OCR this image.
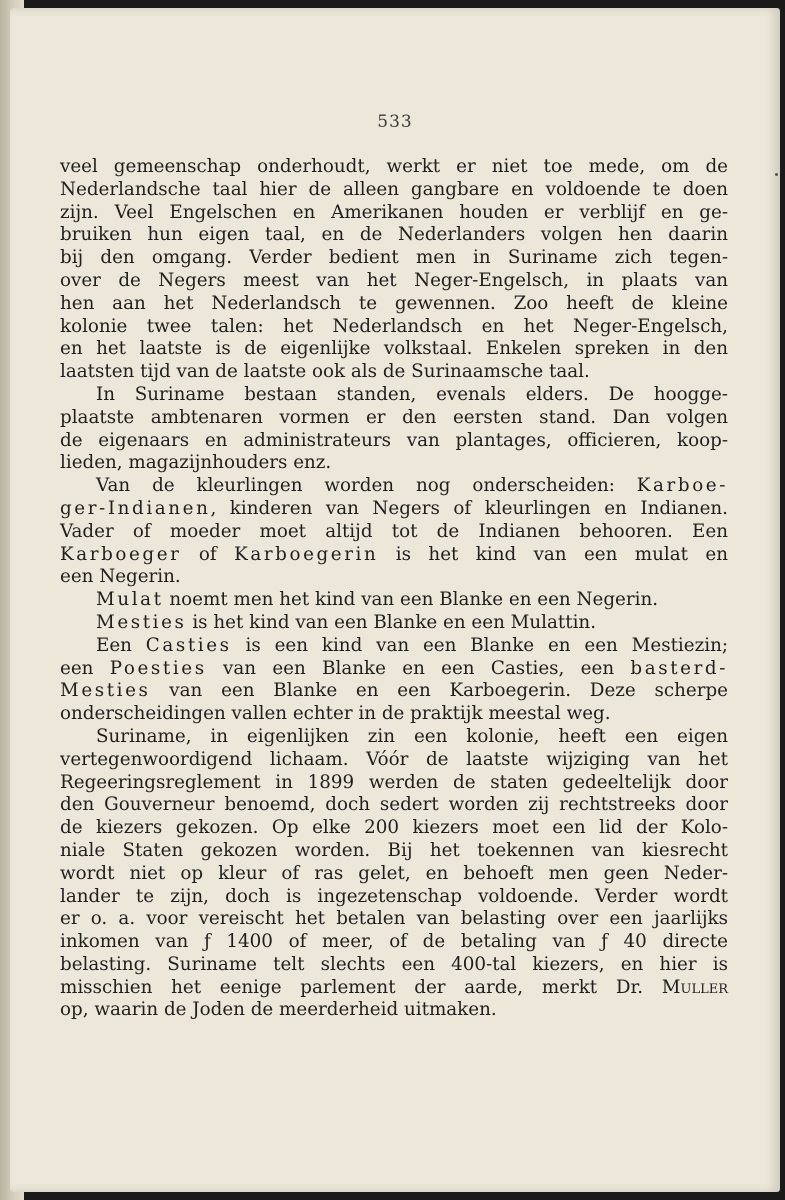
533

veel gemeenschap onderhoudt, werkt er niet toe mede, om de
Nederlandsche taal hier de alleen gangbare en voldoende te doen
zijn. Veel Engelschen en Amerikanen houden er verblijf en ge-
bruiken hun eigen taal, en de Nederlanders volgen hen daarin
bij den omgang. Verder bedient men in Suriname zich tegen-
over de Negers meest van het Neger-Engelsch, in plaats van
hen aan het Nederlandsch te gewennen. Zoo heeft de kleine
kolonie twee talen: het Nederlandsch en het Neger-Engelsch,
en het laatste is de eigenlijke volkstaal. Enkelen spreken in den
laatsten tijd van de laatste ook als de Surinaamsche taal.

In Suriname bestaan standen, evenals elders. De hoogge-
plaatste ambtenaren vormen er den eersten stand. Dan volgen
de eigenaars en administrateurs van plantages, officieren, koop-
lieden, magazijnhouders enz.

Van de kleurlingen worden nog onderscheiden: Karboe-
ger-Indianen, kinderen van Negers of kleurlingen en Indianen.
Vader of moeder moet altijd tot de Indianen behooren. Een
Karboeger of Karboegerin is het kind van een mulat en
een Negerin.

Mulat noemt men het kind van een Blanke en een Negerin.

Mesties is het kind van een Blanke en een Mulattin.

Een Casties is een kind van een Blanke en een Mestiezin;
een Poesties van een Blanke en een Casties, een basterd-
Mesties van een Blanke en een Karboegerin. Deze scherpe
onderscheidingen vallen echter in de praktijk meestal weg.

Suriname, in eigenlijken zin een kolonie, heeft een eigen
vertegenwoordigend lichaam. Vóór de laatste wijziging van het
Regeeringsreglement in 1899 werden de staten gedeeltelijk door
den Gouverneur benoemd, doch sedert worden zij rechtstreeks door
de kiezers gekozen. Op elke 200 kiezers moet een lid der Kolo-
niale Staten gekozen worden. Bij het toekennen van kiesrecht
wordt niet op kleur of ras gelet, en behoeft men geen Neder-
lander te zijn, doch is ingezetenschap voldoende. Verder wordt
er o. a. voor vereischt het betalen van belasting over een jaarlijks
inkomen van ƒ 1400 of meer, of de betaling van ƒ 40 directe
belasting. Suriname telt slechts een 400-tal kiezers, en hier is
misschien het eenige parlement der aarde, merkt Dr. Muller
op, waarin de Joden de meerderheid uitmaken.
